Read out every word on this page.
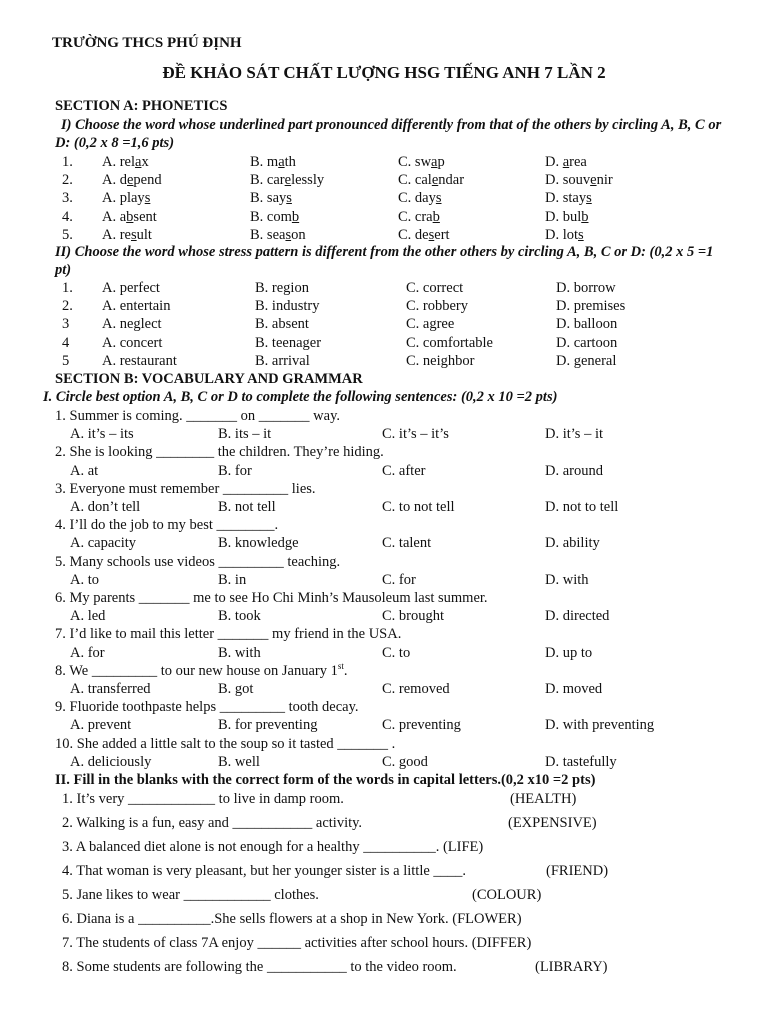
TRƯỜNG THCS PHÚ ĐỊNH
ĐỀ KHẢO SÁT CHẤT LƯỢNG HSG TIẾNG ANH 7 LẦN 2
SECTION A: PHONETICS
I) Choose the word whose underlined part pronounced differently from that of the others by circling A, B, C or D: (0,2 x 8 =1,6 pts)
1. A. relax	B. math	C. swap	D. area
2. A. depend	B. carelessly	C. calendar	D. souvenir
3. A. plays	B. says	C. days	D. stays
4. A. absent	B. comb	C. crab	D. bulb
5. A. result	B. season	C. desert	D. lots
II) Choose the word whose stress pattern is different from the other others by circling A, B, C or D: (0,2 x 5 =1 pt)
1. A. perfect	B. region	C. correct	D. borrow
2. A. entertain	B. industry	C. robbery	D. premises
3 A. neglect	B. absent	C. agree	D. balloon
4 A. concert	B. teenager	C. comfortable	D. cartoon
5 A. restaurant	B. arrival	C. neighbor	D. general
SECTION B: VOCABULARY AND GRAMMAR
I. Circle best option A, B, C or D to complete the following sentences: (0,2 x 10 =2 pts)
1. Summer is coming. _______ on _______ way.
A. it’s – its	B. its – it	C. it’s – it’s	D. it’s – it
2. She is looking ________ the children. They’re hiding.
A. at	B. for	C. after	D. around
3. Everyone must remember _________ lies.
A. don’t tell	B. not tell	C. to not tell	D. not to tell
4. I’ll do the job to my best ________.
A. capacity	B. knowledge	C. talent	D. ability
5. Many schools use videos _________ teaching.
A. to	B. in	C. for	D. with
6. My parents _______ me to see Ho Chi Minh’s Mausoleum last summer.
A. led	B. took	C. brought	D. directed
7. I’d like to mail this letter _______ my friend in the USA.
A. for	B. with	C. to	D. up to
8. We _________ to our new house on January 1st.
A. transferred	B. got	C. removed	D. moved
9. Fluoride toothpaste helps _________ tooth decay.
A. prevent	B. for preventing	C. preventing	D. with preventing
10. She added a little salt to the soup so it tasted _______ .
A. deliciously	B. well	C. good	D. tastefully
II. Fill in the blanks with the correct form of the words in capital letters.(0,2 x10 =2 pts)
1. It’s very ____________ to live in damp room.	(HEALTH)
2. Walking is a fun, easy and ___________ activity.	(EXPENSIVE)
3. A balanced diet alone is not enough for a healthy __________. (LIFE)
4. That woman is very pleasant, but her younger sister is a little ____.	(FRIEND)
5. Jane likes to wear ____________ clothes.	(COLOUR)
6. Diana is a __________.She sells flowers at a shop in New York. (FLOWER)
7. The students of class 7A enjoy ______ activities after school hours. (DIFFER)
8. Some students are following the ___________ to the video room.	(LIBRARY)
